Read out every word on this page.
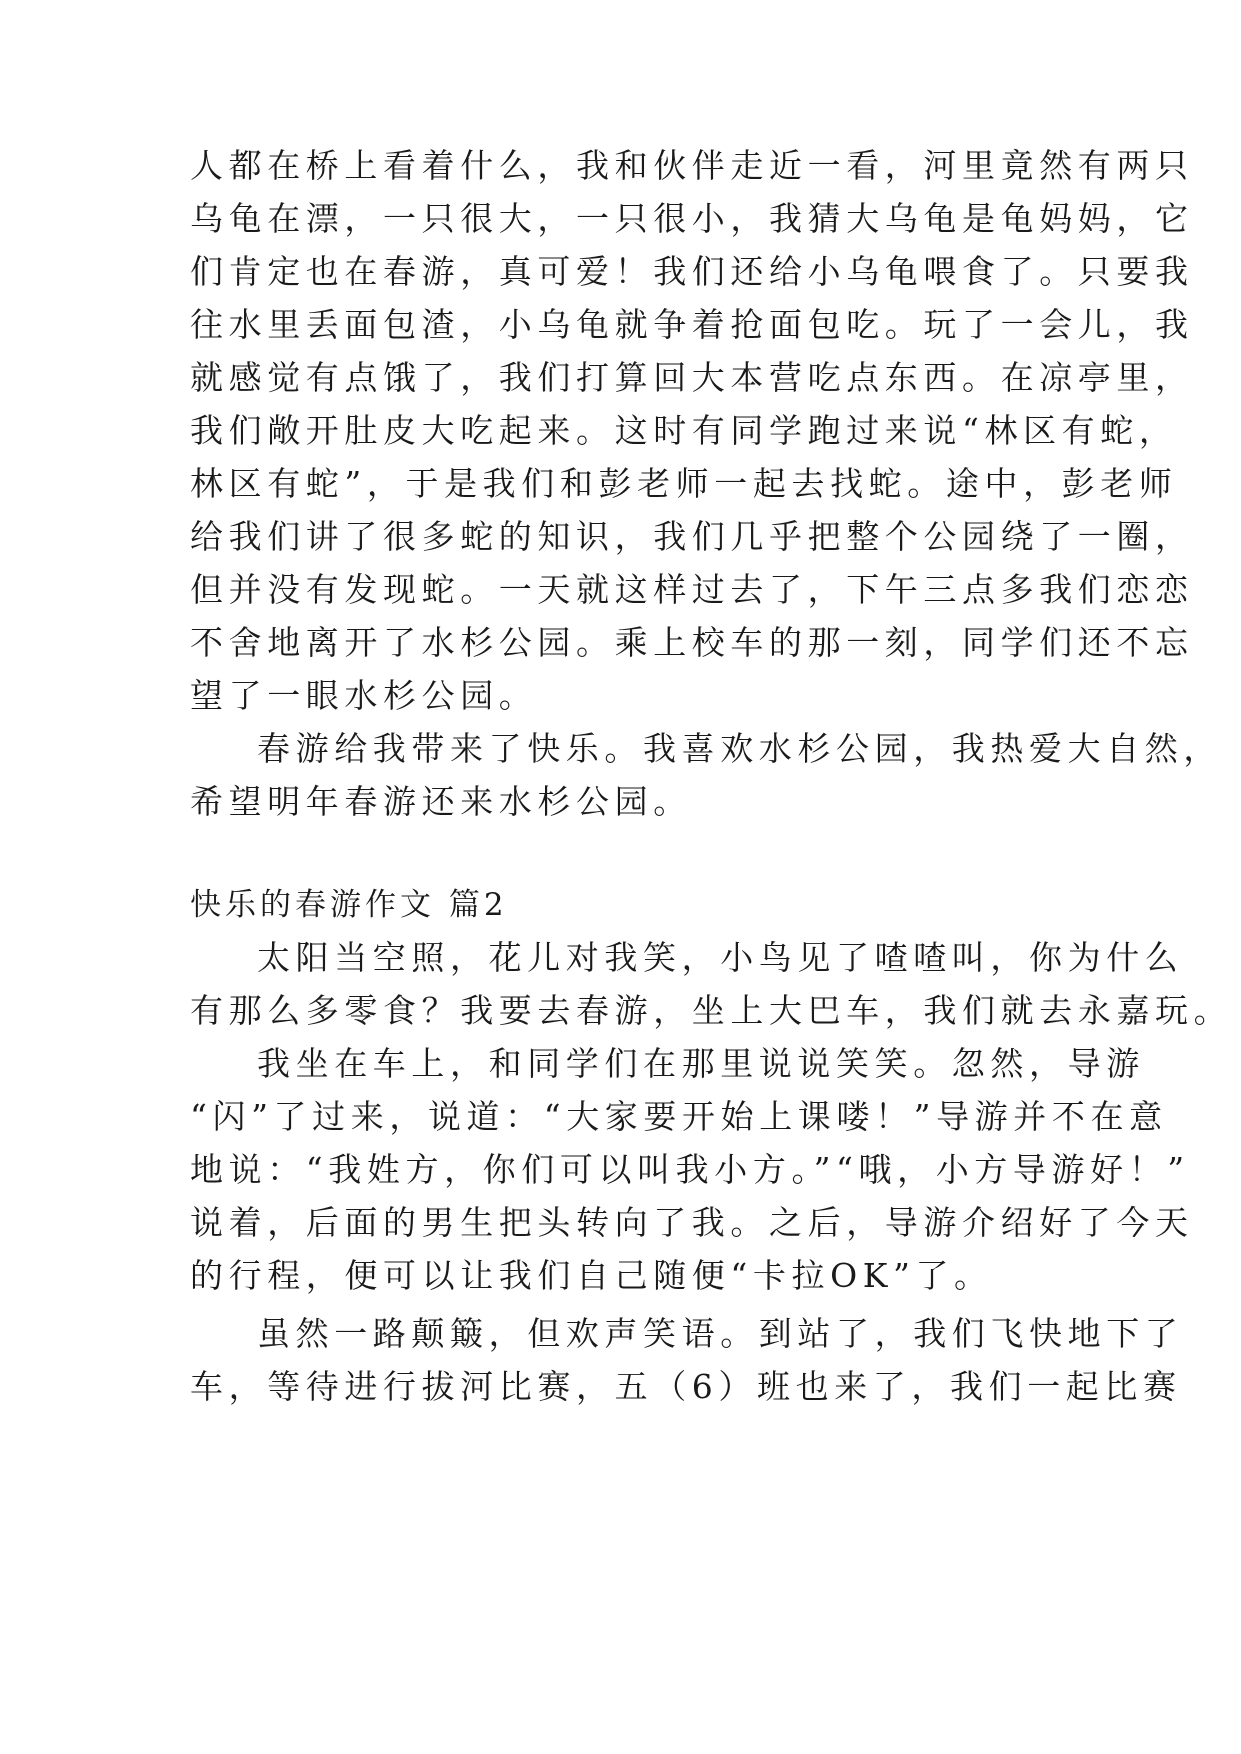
人都在桥上看着什么，我和伙伴走近一看，河里竟然有两只
乌龟在漂，一只很大，一只很小，我猜大乌龟是龟妈妈，它
们肯定也在春游，真可爱！我们还给小乌龟喂食了。只要我
往水里丢面包渣，小乌龟就争着抢面包吃。玩了一会儿，我
就感觉有点饿了，我们打算回大本营吃点东西。在凉亭里，
我们敞开肚皮大吃起来。这时有同学跑过来说“林区有蛇，
林区有蛇”，于是我们和彭老师一起去找蛇。途中，彭老师
给我们讲了很多蛇的知识，我们几乎把整个公园绕了一圈，
但并没有发现蛇。一天就这样过去了，下午三点多我们恋恋
不舍地离开了水杉公园。乘上校车的那一刻，同学们还不忘
望了一眼水杉公园。
春游给我带来了快乐。我喜欢水杉公园，我热爱大自然，
希望明年春游还来水杉公园。
快乐的春游作文 篇2
太阳当空照，花儿对我笑，小鸟见了喳喳叫，你为什么
有那么多零食？我要去春游，坐上大巴车，我们就去永嘉玩。
我坐在车上，和同学们在那里说说笑笑。忽然，导游
“闪”了过来，说道：“大家要开始上课喽！”导游并不在意
地说：“我姓方，你们可以叫我小方。”“哦，小方导游好！”
说着，后面的男生把头转向了我。之后，导游介绍好了今天
的行程，便可以让我们自己随便“卡拉OK”了。
虽然一路颠簸，但欢声笑语。到站了，我们飞快地下了
车，等待进行拔河比赛，五（6）班也来了，我们一起比赛
